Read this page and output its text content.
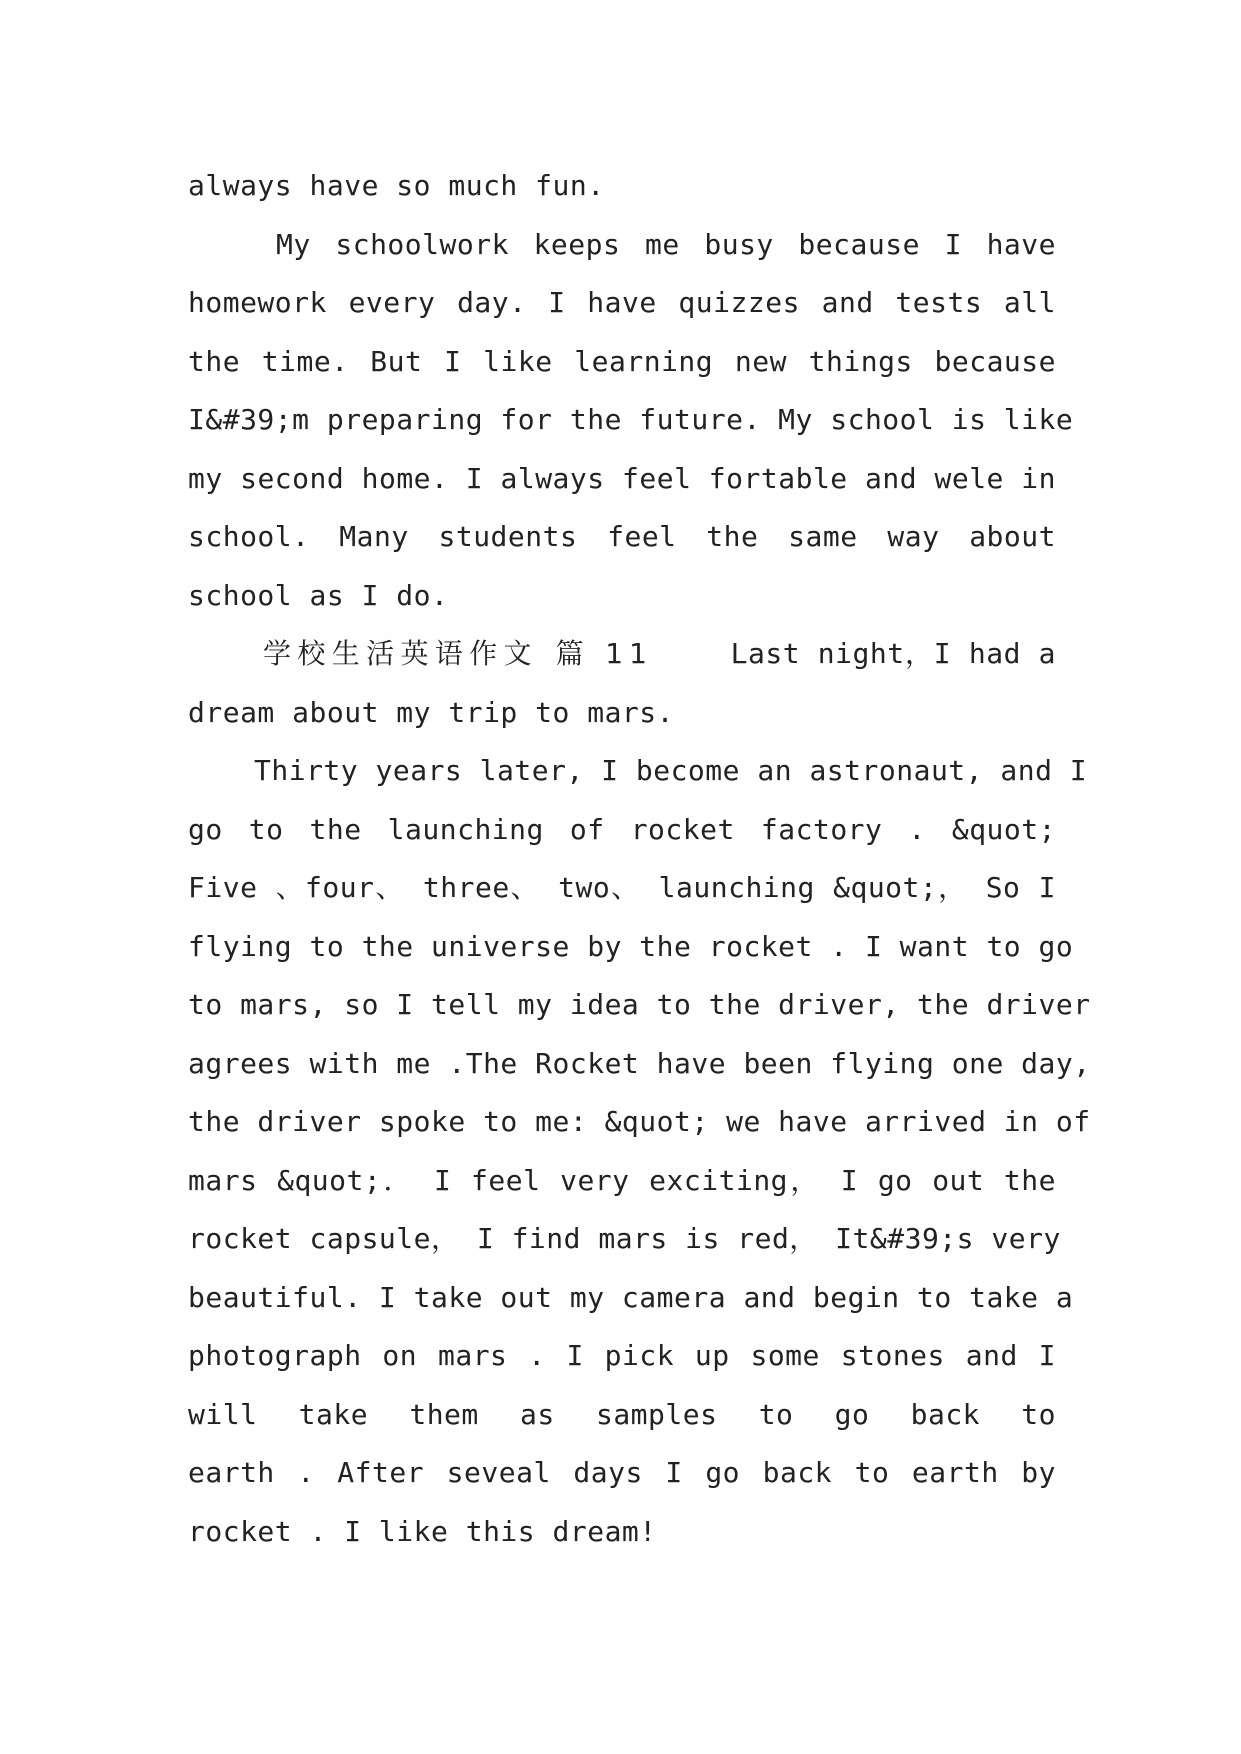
always have so much fun.
My schoolwork keeps me busy because I have
homework every day. I have quizzes and tests all
the time. But I like learning new things because
I&#39;m preparing for the future. My school is like
my second home. I always feel fortable and wele in
school. Many students feel the same way about
school as I do.
学校生活英语作文 篇 11	Last night，I had a
dream about my trip to mars.
Thirty years later, I become an astronaut, and I
go to the launching of rocket factory . &quot;
Five 、four、 three、 two、 launching &quot;， So I
flying to the universe by the rocket . I want to go
to mars, so I tell my idea to the driver, the driver
agrees with me .The Rocket have been flying one day,
the driver spoke to me: &quot; we have arrived in of
mars &quot;． I feel very exciting， I go out the
rocket capsule， I find mars is red， It&#39;s very
beautiful. I take out my camera and begin to take a
photograph on mars . I pick up some stones and I
will take them as samples to go back to
earth . After seveal days I go back to earth by
rocket . I like this dream!
